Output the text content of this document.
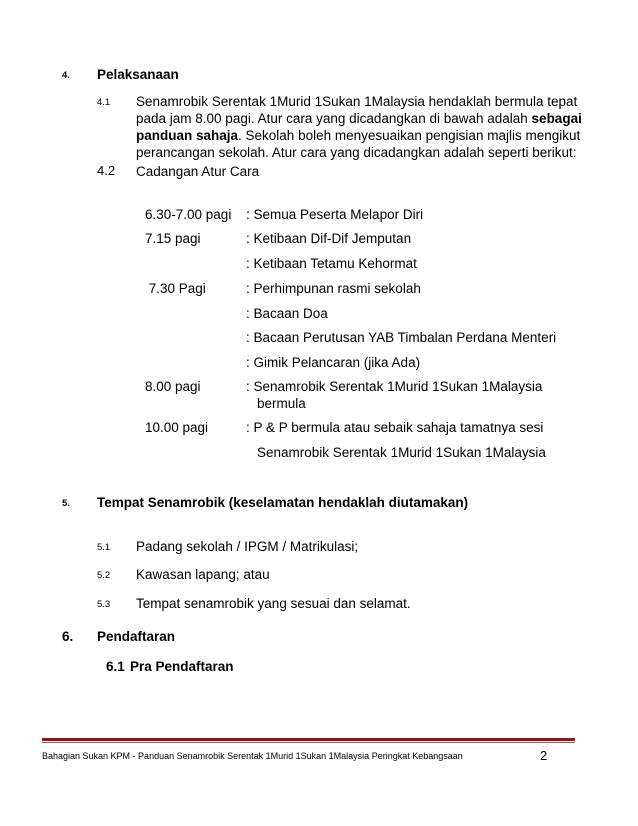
4. Pelaksanaan
4.1 Senamrobik Serentak 1Murid 1Sukan 1Malaysia hendaklah bermula tepat
pada jam 8.00 pagi. Atur cara yang dicadangkan di bawah adalah sebagai
panduan sahaja. Sekolah boleh menyesuaikan pengisian majlis mengikut
perancangan sekolah. Atur cara yang dicadangkan adalah seperti berikut:
4.2 Cadangan Atur Cara
6.30-7.00 pagi : Semua Peserta Melapor Diri
7.15 pagi	: Ketibaan Dif-Dif Jemputan
: Ketibaan Tetamu Kehormat
7.30 Pagi	: Perhimpunan rasmi sekolah
: Bacaan Doa
: Bacaan Perutusan YAB Timbalan Perdana Menteri
: Gimik Pelancaran (jika Ada)
8.00 pagi	: Senamrobik Serentak 1Murid 1Sukan 1Malaysia
bermula
10.00 pagi	: P & P bermula atau sebaik sahaja tamatnya sesi
Senamrobik Serentak 1Murid 1Sukan 1Malaysia
5. Tempat Senamrobik (keselamatan hendaklah diutamakan)
5.1 Padang sekolah / IPGM / Matrikulasi;
5.2 Kawasan lapang; atau
5.3 Tempat senamrobik yang sesuai dan selamat.
6. Pendaftaran
6.1 Pra Pendaftaran
Bahagian Sukan KPM - Panduan Senamrobik Serentak 1Murid 1Sukan 1Malaysia Peringkat Kebangsaan	2
